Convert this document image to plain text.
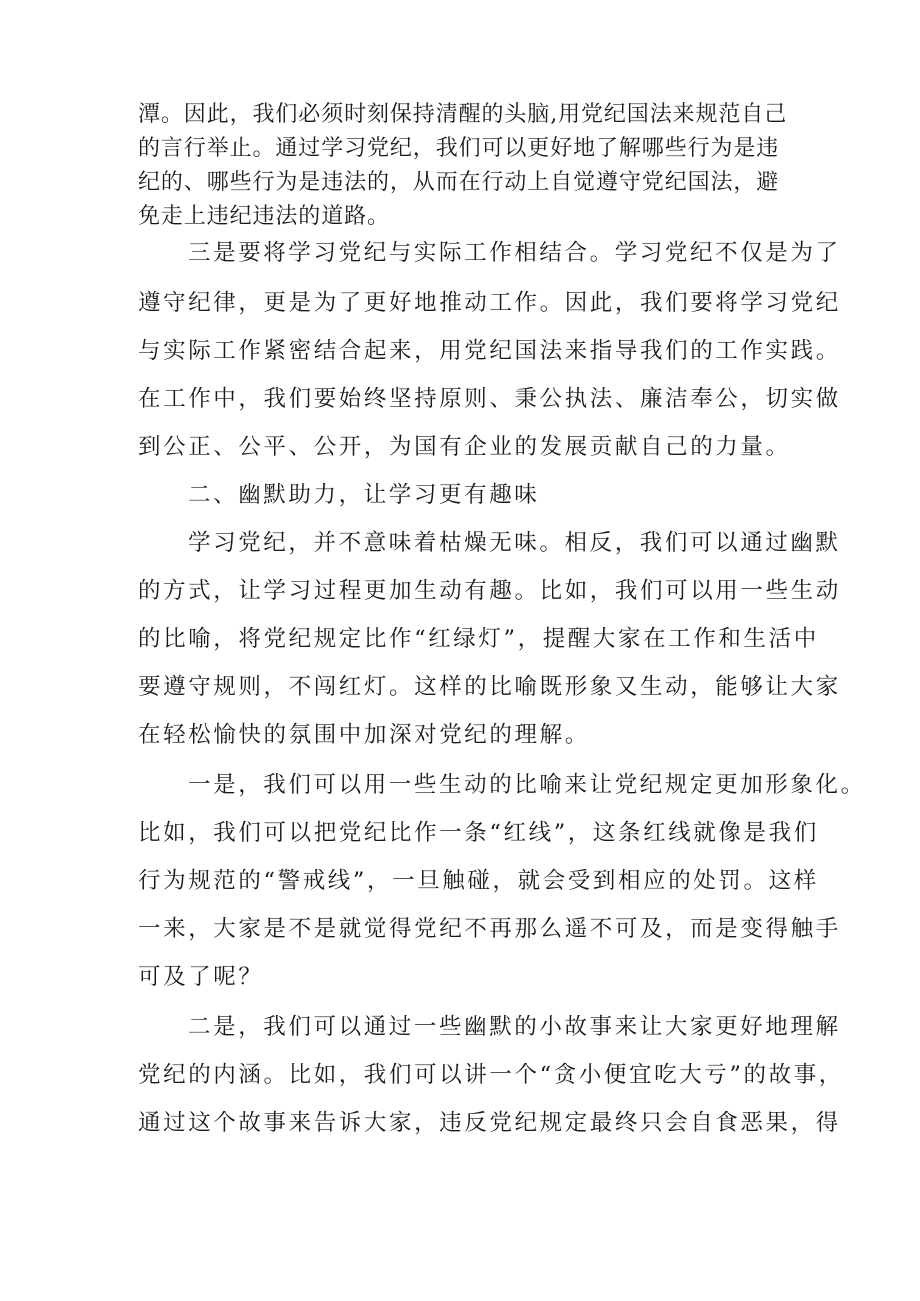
潭。因此，我们必须时刻保持清醒的头脑,用党纪国法来规范自己
的言行举止。通过学习党纪，我们可以更好地了解哪些行为是违
纪的、哪些行为是违法的，从而在行动上自觉遵守党纪国法，避
免走上违纪违法的道路。
三是要将学习党纪与实际工作相结合。学习党纪不仅是为了
遵守纪律，更是为了更好地推动工作。因此，我们要将学习党纪
与实际工作紧密结合起来，用党纪国法来指导我们的工作实践。
在工作中，我们要始终坚持原则、秉公执法、廉洁奉公，切实做
到公正、公平、公开，为国有企业的发展贡献自己的力量。
二、幽默助力，让学习更有趣味
学习党纪，并不意味着枯燥无味。相反，我们可以通过幽默
的方式，让学习过程更加生动有趣。比如，我们可以用一些生动
的比喻，将党纪规定比作“红绿灯”，提醒大家在工作和生活中
要遵守规则，不闯红灯。这样的比喻既形象又生动，能够让大家
在轻松愉快的氛围中加深对党纪的理解。
一是，我们可以用一些生动的比喻来让党纪规定更加形象化。
比如，我们可以把党纪比作一条“红线”，这条红线就像是我们
行为规范的“警戒线”，一旦触碰，就会受到相应的处罚。这样
一来，大家是不是就觉得党纪不再那么遥不可及，而是变得触手
可及了呢？
二是，我们可以通过一些幽默的小故事来让大家更好地理解
党纪的内涵。比如，我们可以讲一个“贪小便宜吃大亏”的故事，
通过这个故事来告诉大家，违反党纪规定最终只会自食恶果，得
